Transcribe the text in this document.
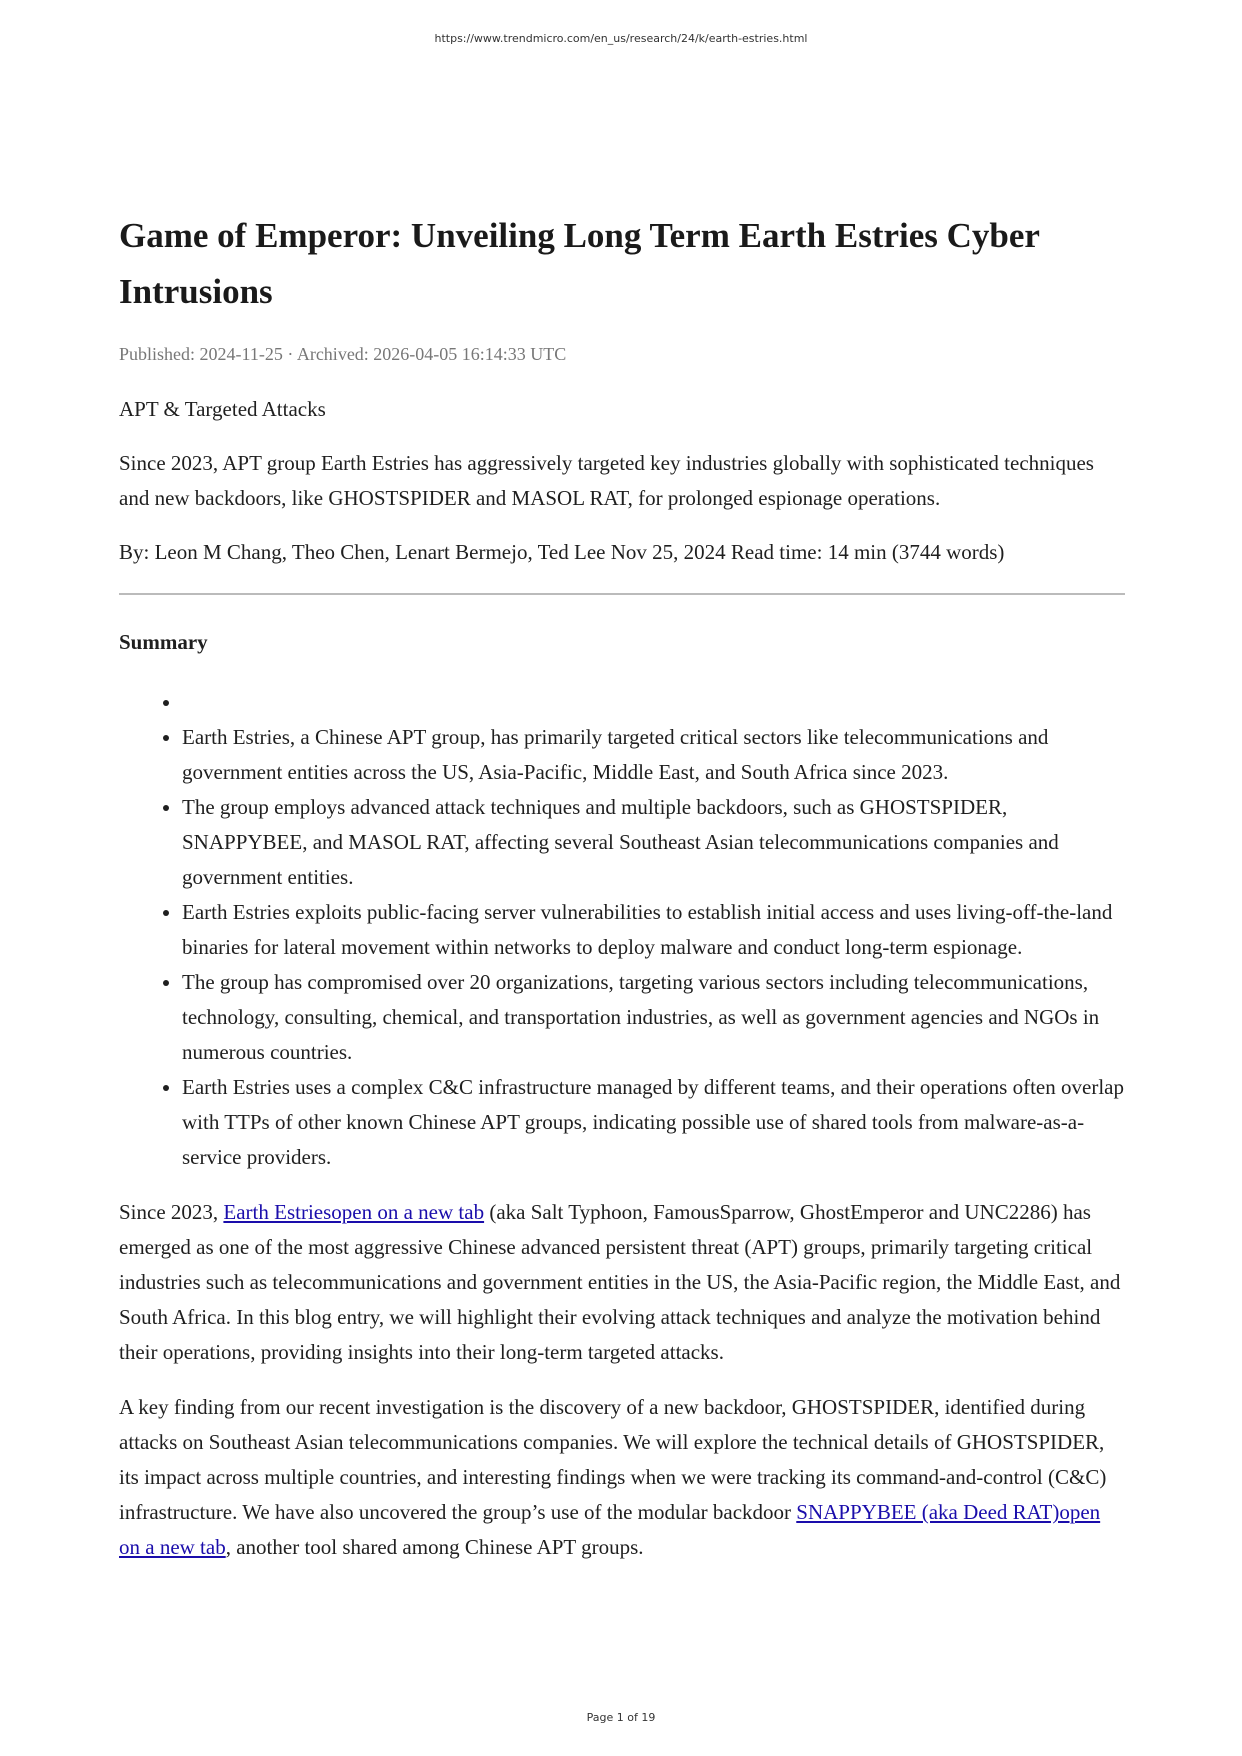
https://www.trendmicro.com/en_us/research/24/k/earth-estries.html
Game of Emperor: Unveiling Long Term Earth Estries Cyber Intrusions
Published: 2024-11-25 · Archived: 2026-04-05 16:14:33 UTC
APT & Targeted Attacks

Since 2023, APT group Earth Estries has aggressively targeted key industries globally with sophisticated techniques and new backdoors, like GHOSTSPIDER and MASOL RAT, for prolonged espionage operations.

By: Leon M Chang, Theo Chen, Lenart Bermejo, Ted Lee Nov 25, 2024 Read time: 14 min (3744 words)

Summary
•
• Earth Estries, a Chinese APT group, has primarily targeted critical sectors like telecommunications and government entities across the US, Asia-Pacific, Middle East, and South Africa since 2023.
• The group employs advanced attack techniques and multiple backdoors, such as GHOSTSPIDER, SNAPPYBEE, and MASOL RAT, affecting several Southeast Asian telecommunications companies and government entities.
• Earth Estries exploits public-facing server vulnerabilities to establish initial access and uses living-off-the-land binaries for lateral movement within networks to deploy malware and conduct long-term espionage.
• The group has compromised over 20 organizations, targeting various sectors including telecommunications, technology, consulting, chemical, and transportation industries, as well as government agencies and NGOs in numerous countries.
• Earth Estries uses a complex C&C infrastructure managed by different teams, and their operations often overlap with TTPs of other known Chinese APT groups, indicating possible use of shared tools from malware-as-a-service providers.

Since 2023, Earth Estriesopen on a new tab (aka Salt Typhoon, FamousSparrow, GhostEmperor and UNC2286) has emerged as one of the most aggressive Chinese advanced persistent threat (APT) groups, primarily targeting critical industries such as telecommunications and government entities in the US, the Asia-Pacific region, the Middle East, and South Africa. In this blog entry, we will highlight their evolving attack techniques and analyze the motivation behind their operations, providing insights into their long-term targeted attacks.

A key finding from our recent investigation is the discovery of a new backdoor, GHOSTSPIDER, identified during attacks on Southeast Asian telecommunications companies. We will explore the technical details of GHOSTSPIDER, its impact across multiple countries, and interesting findings when we were tracking its command-and-control (C&C) infrastructure. We have also uncovered the group’s use of the modular backdoor SNAPPYBEE (aka Deed RAT)open on a new tab, another tool shared among Chinese APT groups.

Page 1 of 19
